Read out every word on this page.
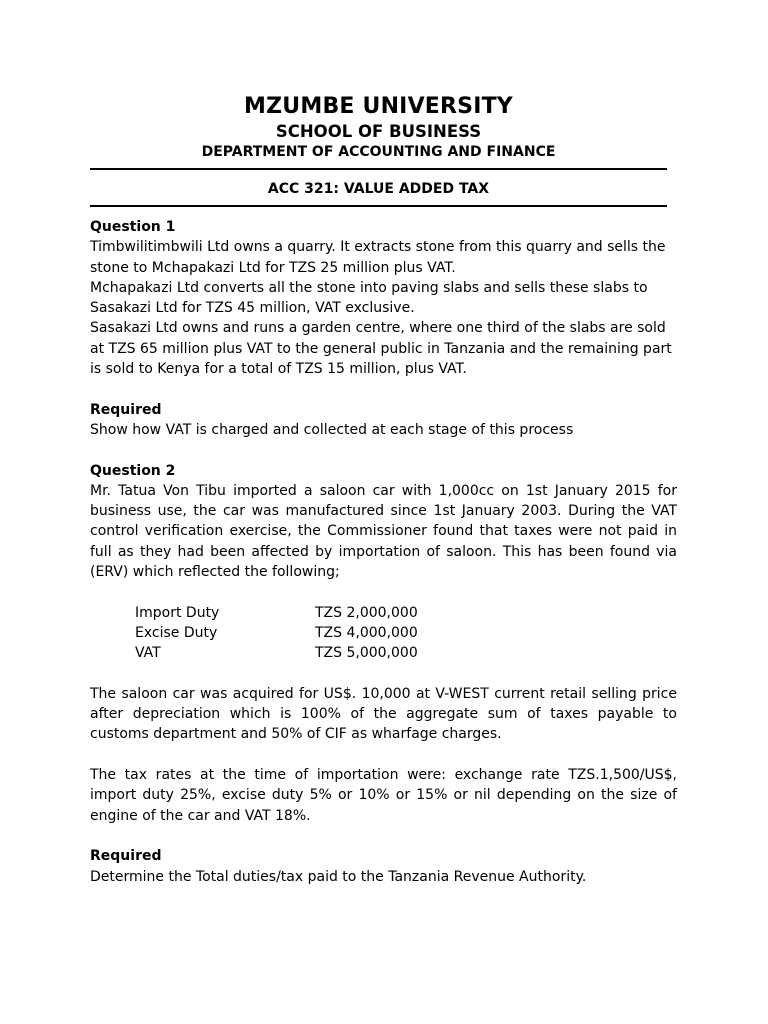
MZUMBE UNIVERSITY
SCHOOL OF BUSINESS
DEPARTMENT OF ACCOUNTING AND FINANCE
ACC 321: VALUE ADDED TAX

Question 1

Timbwilitimbwili Ltd owns a quarry. It extracts stone from this quarry and sells the stone to Mchapakazi Ltd for TZS 25 million plus VAT.

Mchapakazi Ltd converts all the stone into paving slabs and sells these slabs to Sasakazi Ltd for TZS 45 million, VAT exclusive.

Sasakazi Ltd owns and runs a garden centre, where one third of the slabs are sold at TZS 65 million plus VAT to the general public in Tanzania and the remaining part is sold to Kenya for a total of TZS 15 million, plus VAT.

Required

Show how VAT is charged and collected at each stage of this process

Question 2

Mr. Tatua Von Tibu imported a saloon car with 1,000cc on 1st January 2015 for business use, the car was manufactured since 1st January 2003. During the VAT control verification exercise, the Commissioner found that taxes were not paid in full as they had been affected by importation of saloon. This has been found via (ERV) which reflected the following;

Import Duty	TZS 2,000,000
Excise Duty	TZS 4,000,000
VAT	TZS 5,000,000

The saloon car was acquired for US$. 10,000 at V-WEST current retail selling price after depreciation which is 100% of the aggregate sum of taxes payable to customs department and 50% of CIF as wharfage charges.

The tax rates at the time of importation were: exchange rate TZS.1,500/US$, import duty 25%, excise duty 5% or 10% or 15% or nil depending on the size of engine of the car and VAT 18%.

Required

Determine the Total duties/tax paid to the Tanzania Revenue Authority.
